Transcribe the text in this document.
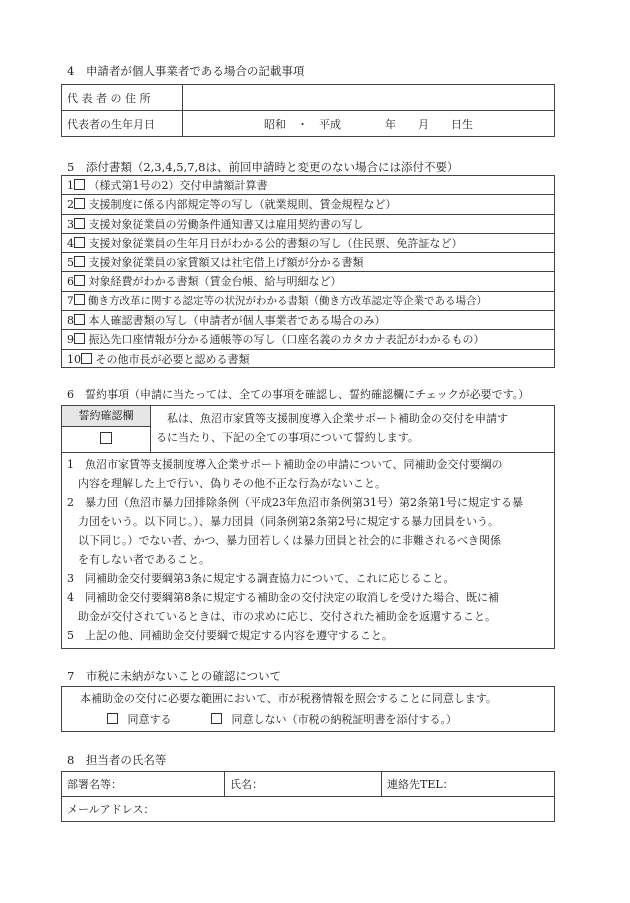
4　申請者が個人事業者である場合の記載事項
代 表 者 の 住 所	
代表者の生年月日	昭和　・　平成　　　　年　　月　　日生
5　添付書類（2,3,4,5,7,8は、前回申請時と変更のない場合には添付不要）
1 （様式第1号の2）交付申請額計算書
2 支援制度に係る内部規定等の写し（就業規則、賃金規程など）
3 支援対象従業員の労働条件通知書又は雇用契約書の写し
4 支援対象従業員の生年月日がわかる公的書類の写し（住民票、免許証など）
5 支援対象従業員の家賃額又は社宅借上げ額が分かる書類
6 対象経費がわかる書類（賃金台帳、給与明細など）
7 働き方改革に関する認定等の状況がわかる書類（働き方改革認定等企業である場合）
8 本人確認書類の写し（申請者が個人事業者である場合のみ）
9 振込先口座情報が分かる通帳等の写し（口座名義のカタカナ表記がわかるもの）
10 その他市長が必要と認める書類
6　誓約事項（申請に当たっては、全ての事項を確認し、誓約確認欄にチェックが必要です。）
誓約確認欄	　私は、魚沼市家賃等支援制度導入企業サポート補助金の交付を申請す
るに当たり、下記の全ての事項について誓約します。
1　魚沼市家賃等支援制度導入企業サポート補助金の申請について、同補助金交付要綱の
　内容を理解した上で行い、偽りその他不正な行為がないこと。
2　暴力団（魚沼市暴力団排除条例（平成23年魚沼市条例第31号）第2条第1号に規定する暴
　力団をいう。以下同じ。）、暴力団員（同条例第2条第2号に規定する暴力団員をいう。
　以下同じ。）でない者、かつ、暴力団若しくは暴力団員と社会的に非難されるべき関係
　を有しない者であること。
3　同補助金交付要綱第3条に規定する調査協力について、これに応じること。
4　同補助金交付要綱第8条に規定する補助金の交付決定の取消しを受けた場合、既に補
　助金が交付されているときは、市の求めに応じ、交付された補助金を返還すること。
5　上記の他、同補助金交付要綱で規定する内容を遵守すること。
7　市税に未納がないことの確認について
本補助金の交付に必要な範囲において、市が税務情報を照会することに同意します。
同意する	同意しない（市税の納税証明書を添付する。）
8　担当者の氏名等
部署名等：	氏名：	連絡先TEL：
メールアドレス：
